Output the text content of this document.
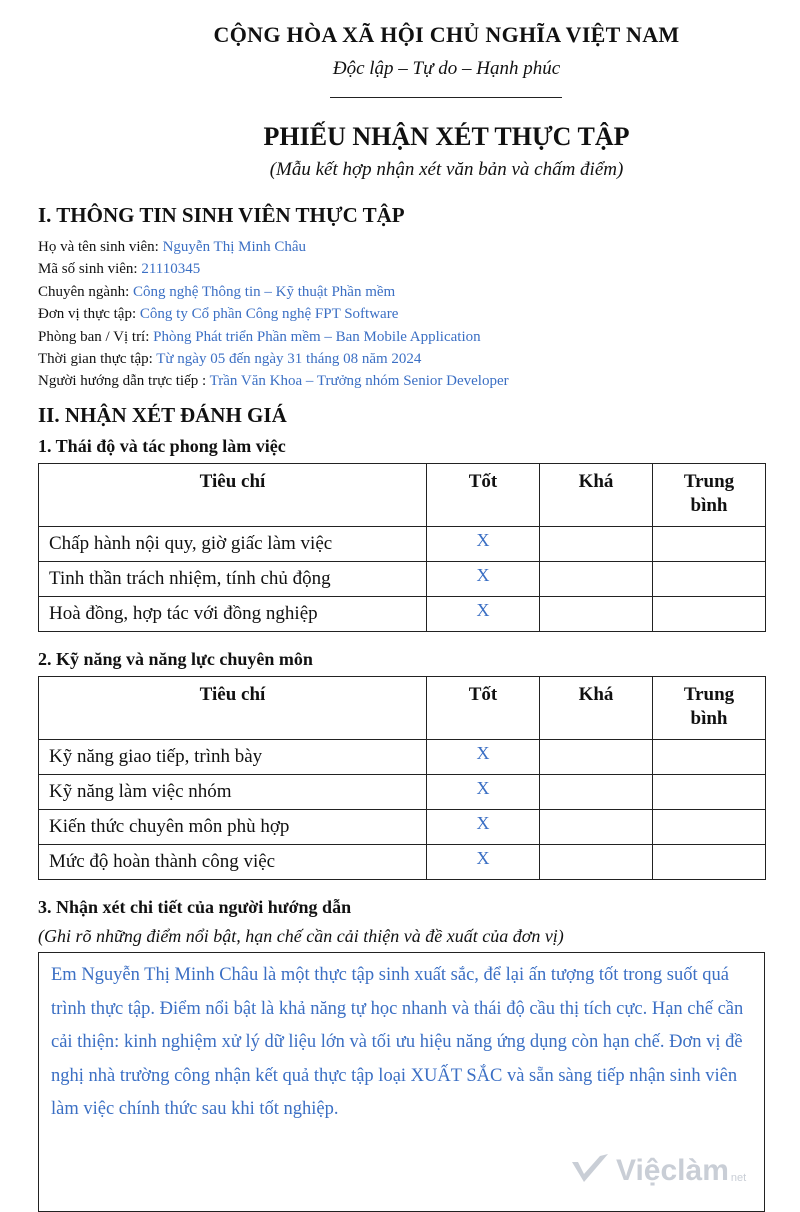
CỘNG HÒA XÃ HỘI CHỦ NGHĨA VIỆT NAM
Độc lập – Tự do – Hạnh phúc
PHIẾU NHẬN XÉT THỰC TẬP
(Mẫu kết hợp nhận xét văn bản và chấm điểm)
I. THÔNG TIN SINH VIÊN THỰC TẬP
Họ và tên sinh viên: Nguyễn Thị Minh Châu
Mã số sinh viên: 21110345
Chuyên ngành: Công nghệ Thông tin – Kỹ thuật Phần mềm
Đơn vị thực tập: Công ty Cổ phần Công nghệ FPT Software
Phòng ban / Vị trí: Phòng Phát triển Phần mềm – Ban Mobile Application
Thời gian thực tập: Từ ngày 05 đến ngày 31 tháng 08 năm 2024
Người hướng dẫn trực tiếp : Trần Văn Khoa – Trưởng nhóm Senior Developer
II. NHẬN XÉT ĐÁNH GIÁ
1. Thái độ và tác phong làm việc
Tiêu chí	Tốt	Khá	Trung
bình
Chấp hành nội quy, giờ giấc làm việc	X		
Tinh thần trách nhiệm, tính chủ động	X		
Hoà đồng, hợp tác với đồng nghiệp	X		
2. Kỹ năng và năng lực chuyên môn
Tiêu chí	Tốt	Khá	Trung
bình
Kỹ năng giao tiếp, trình bày	X		
Kỹ năng làm việc nhóm	X		
Kiến thức chuyên môn phù hợp	X		
Mức độ hoàn thành công việc	X		
3. Nhận xét chi tiết của người hướng dẫn
(Ghi rõ những điểm nổi bật, hạn chế cần cải thiện và đề xuất của đơn vị)
Em Nguyễn Thị Minh Châu là một thực tập sinh xuất sắc, để lại ấn tượng tốt trong suốt quá trình thực tập. Điểm nổi bật là khả năng tự học nhanh và thái độ cầu thị tích cực. Hạn chế cần cải thiện: kinh nghiệm xử lý dữ liệu lớn và tối ưu hiệu năng ứng dụng còn hạn chế. Đơn vị đề nghị nhà trường công nhận kết quả thực tập loại XUẤT SẮC và sẵn sàng tiếp nhận sinh viên làm việc chính thức sau khi tốt nghiệp.
Việclàm net
